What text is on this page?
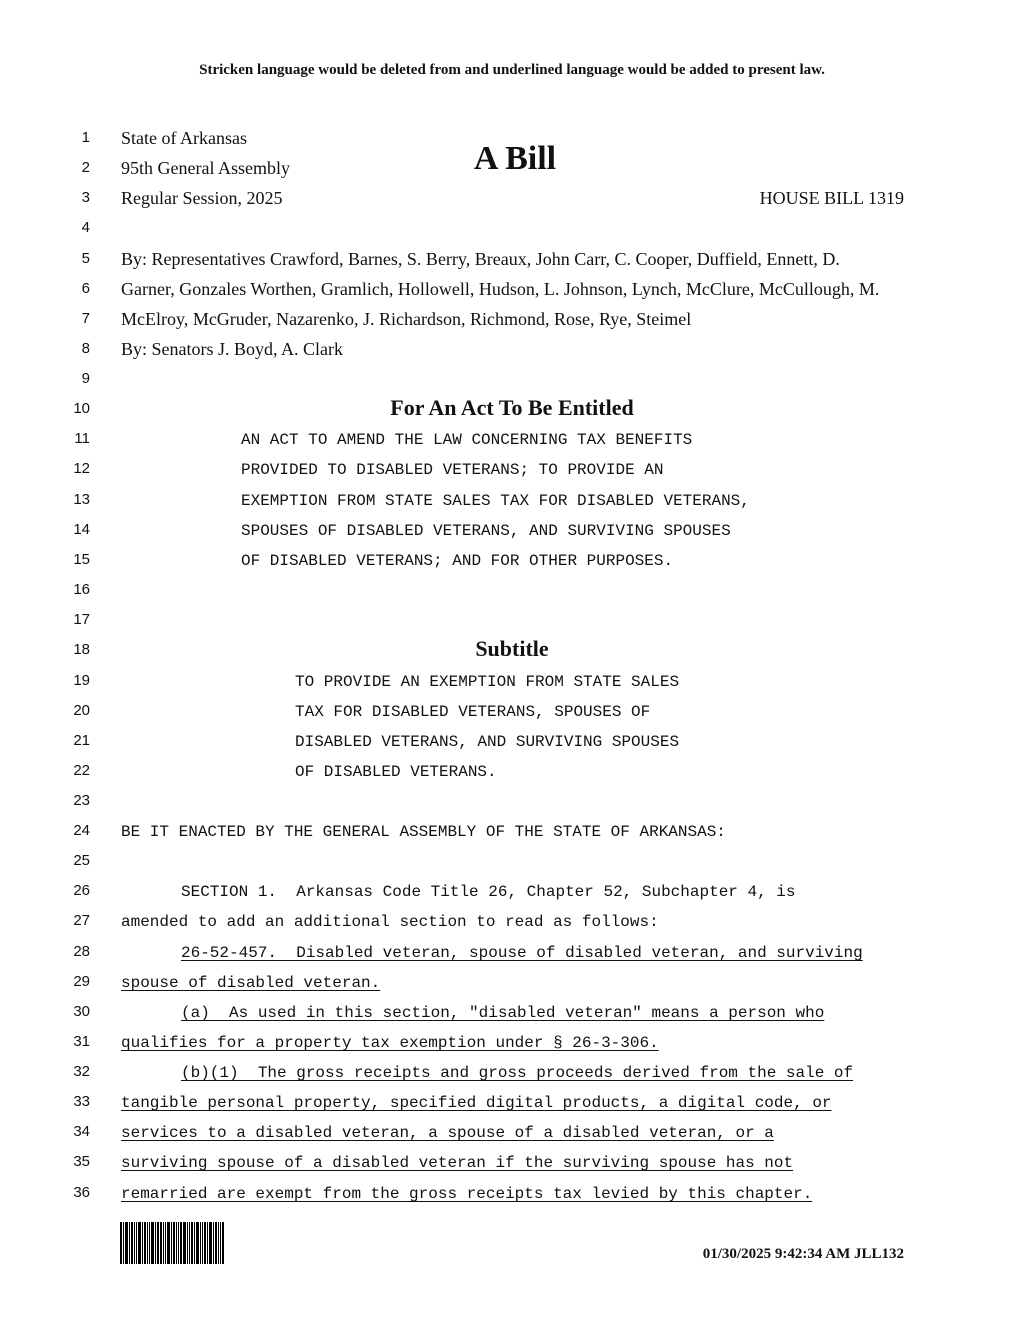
Stricken language would be deleted from and underlined language would be added to present law.
1
2
3
4
5
6
7
8
9
10
11
12
13
14
15
16
17
18
19
20
21
22
23
24
25
26
27
28
29
30
31
32
33
34
35
36
State of Arkansas
95th General Assembly
Regular Session, 2025
A Bill
HOUSE BILL 1319
By: Representatives Crawford, Barnes, S. Berry, Breaux, John Carr, C. Cooper, Duffield, Ennett, D.
Garner, Gonzales Worthen, Gramlich, Hollowell, Hudson, L. Johnson, Lynch, McClure, McCullough, M.
McElroy, McGruder, Nazarenko, J. Richardson, Richmond, Rose, Rye, Steimel
By: Senators J. Boyd, A. Clark
For An Act To Be Entitled
AN ACT TO AMEND THE LAW CONCERNING TAX BENEFITS
PROVIDED TO DISABLED VETERANS; TO PROVIDE AN
EXEMPTION FROM STATE SALES TAX FOR DISABLED VETERANS,
SPOUSES OF DISABLED VETERANS, AND SURVIVING SPOUSES
OF DISABLED VETERANS; AND FOR OTHER PURPOSES.
Subtitle
TO PROVIDE AN EXEMPTION FROM STATE SALES
TAX FOR DISABLED VETERANS, SPOUSES OF
DISABLED VETERANS, AND SURVIVING SPOUSES
OF DISABLED VETERANS.
BE IT ENACTED BY THE GENERAL ASSEMBLY OF THE STATE OF ARKANSAS:
SECTION 1.  Arkansas Code Title 26, Chapter 52, Subchapter 4, is
amended to add an additional section to read as follows:
26-52-457.  Disabled veteran, spouse of disabled veteran, and surviving
spouse of disabled veteran.
(a)  As used in this section, "disabled veteran" means a person who
qualifies for a property tax exemption under § 26-3-306.
(b)(1)  The gross receipts and gross proceeds derived from the sale of
tangible personal property, specified digital products, a digital code, or
services to a disabled veteran, a spouse of a disabled veteran, or a
surviving spouse of a disabled veteran if the surviving spouse has not
remarried are exempt from the gross receipts tax levied by this chapter.
01/30/2025 9:42:34 AM JLL132
